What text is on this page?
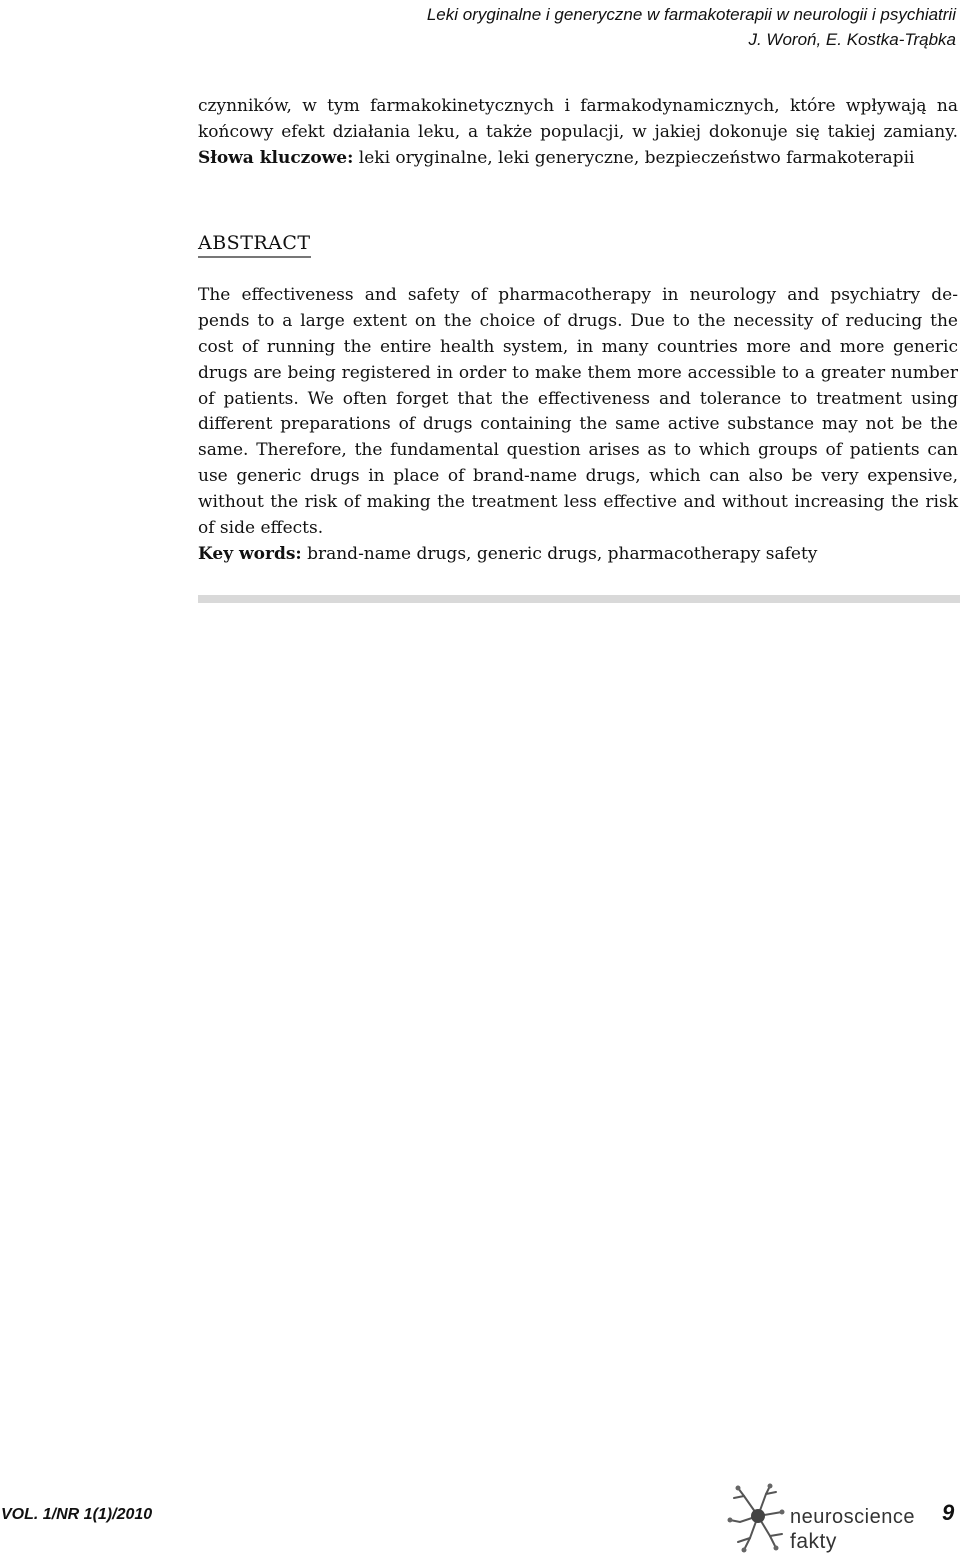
Leki oryginalne i generyczne w farmakoterapii w neurologii i psychiatrii
J. Woroń, E. Kostka-Trąbka

czynników, w tym farmakokinetycznych i farmakodynamicznych, które wpływają na
końcowy efekt działania leku, a także populacji, w jakiej dokonuje się takiej zamiany.

Słowa kluczowe: leki oryginalne, leki generyczne, bezpieczeństwo farmakoterapii

ABSTRACT
The effectiveness and safety of pharmacotherapy in neurology and psychiatry de-
pends to a large extent on the choice of drugs. Due to the necessity of reducing the
cost of running the entire health system, in many countries more and more generic
drugs are being registered in order to make them more accessible to a greater number
of patients. We often forget that the effectiveness and tolerance to treatment using
different preparations of drugs containing the same active substance may not be the
same. Therefore, the fundamental question arises as to which groups of patients can
use generic drugs in place of brand-name drugs, which can also be very expensive,
without the risk of making the treatment less effective and without increasing the risk
of side effects.

Key words: brand-name drugs, generic drugs, pharmacotherapy safety

VOL. 1/NR 1(1)/2010	neuroscience
fakty
9
